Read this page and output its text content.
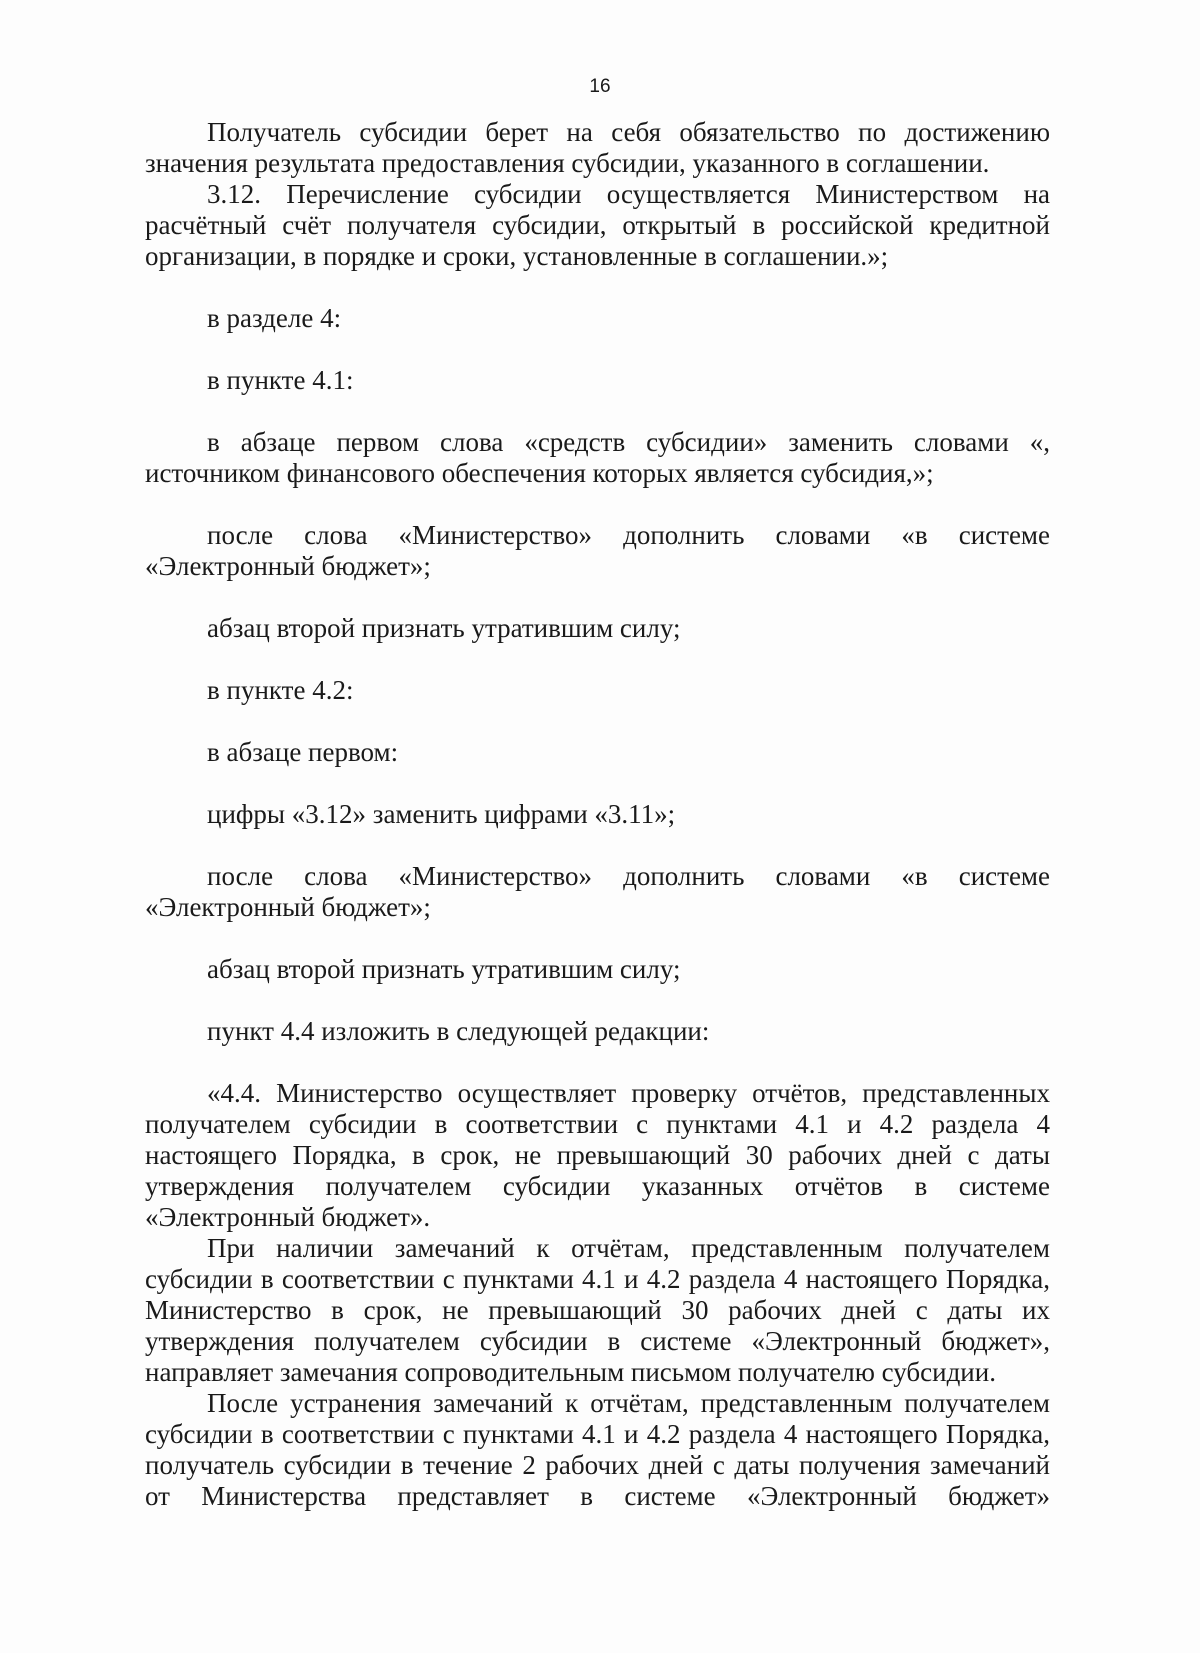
16

Получатель субсидии берет на себя обязательство по достижению значения результата предоставления субсидии, указанного в соглашении.

3.12. Перечисление субсидии осуществляется Министерством на расчётный счёт получателя субсидии, открытый в российской кредитной организации, в порядке и сроки, установленные в соглашении.»;

в разделе 4:

в пункте 4.1:

в абзаце первом слова «средств субсидии» заменить словами «, источником финансового обеспечения которых является субсидия,»;

после слова «Министерство» дополнить словами «в системе «Электронный бюджет»;

абзац второй признать утратившим силу;

в пункте 4.2:

в абзаце первом:

цифры «3.12» заменить цифрами «3.11»;

после слова «Министерство» дополнить словами «в системе «Электронный бюджет»;

абзац второй признать утратившим силу;

пункт 4.4 изложить в следующей редакции:

«4.4. Министерство осуществляет проверку отчётов, представленных получателем субсидии в соответствии с пунктами 4.1 и 4.2 раздела 4 настоящего Порядка, в срок, не превышающий 30 рабочих дней с даты утверждения получателем субсидии указанных отчётов в системе «Электронный бюджет».

При наличии замечаний к отчётам, представленным получателем субсидии в соответствии с пунктами 4.1 и 4.2 раздела 4 настоящего Порядка, Министерство в срок, не превышающий 30 рабочих дней с даты их утверждения получателем субсидии в системе «Электронный бюджет», направляет замечания сопроводительным письмом получателю субсидии.

После устранения замечаний к отчётам, представленным получателем субсидии в соответствии с пунктами 4.1 и 4.2 раздела 4 настоящего Порядка, получатель субсидии в течение 2 рабочих дней с даты получения замечаний от Министерства представляет в системе «Электронный бюджет»
